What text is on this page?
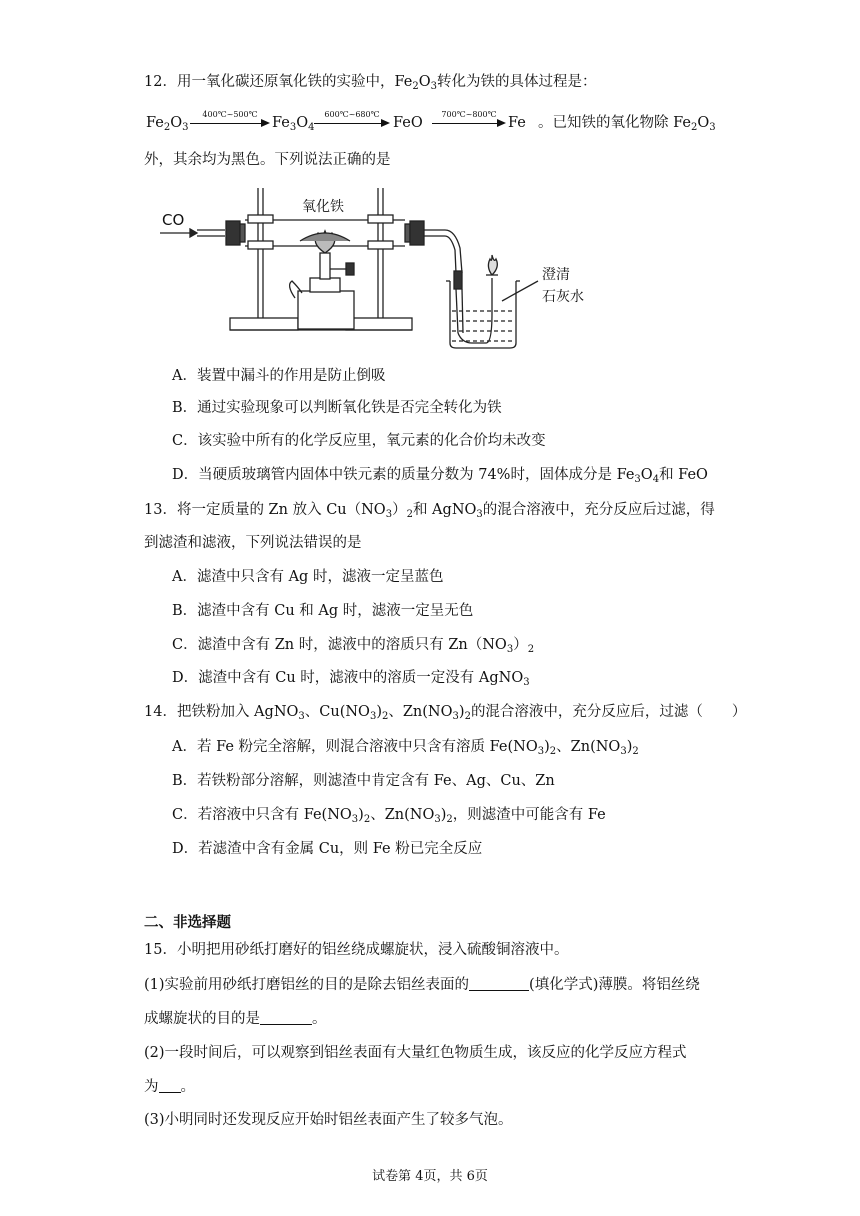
12．用一氧化碳还原氧化铁的实验中，$Fe_2O_3$转化为铁的具体过程是：
$Fe_2O_3$
400℃~500℃
$Fe_3O_4$
600℃~680℃
FeO
700℃~800℃
Fe 。已知铁的氧化物除 $Fe_2O_3$
外，其余均为黑色。下列说法正确的是
CO
氧化铁
澄清
石灰水
A．装置中漏斗的作用是防止倒吸
B．通过实验现象可以判断氧化铁是否完全转化为铁
C．该实验中所有的化学反应里，氧元素的化合价均未改变
D．当硬质玻璃管内固体中铁元素的质量分数为 74%时，固体成分是 $Fe_3O_4$和 FeO
13．将一定质量的 Zn 放入 $Cu(NO_3)_2$和 AgNO$_3$的混合溶液中，充分反应后过滤，得
到滤渣和滤液，下列说法错误的是
A．滤渣中只含有 Ag 时，滤液一定呈蓝色
B．滤渣中含有 Cu 和 Ag 时，滤液一定呈无色
C．滤渣中含有 Zn 时，滤液中的溶质只有 $Zn(NO_3)_2$
D．滤渣中含有 Cu 时，滤液中的溶质一定没有 AgNO$_3$
14．把铁粉加入 AgNO$_3$、$Cu(NO_3)_2$、$Zn(NO_3)_2$的混合溶液中，充分反应后，过滤（　　）
A．若 Fe 粉完全溶解，则混合溶液中只含有溶质 $Fe(NO_3)_2$、$Zn(NO_3)_2$
B．若铁粉部分溶解，则滤渣中肯定含有 Fe、Ag、Cu、Zn
C．若溶液中只含有 $Fe(NO_3)_2$、$Zn(NO_3)_2$，则滤渣中可能含有 Fe
D．若滤渣中含有金属 Cu，则 Fe 粉已完全反应
二、非选择题
15．小明把用砂纸打磨好的铝丝绕成螺旋状，浸入硫酸铜溶液中。
(1)实验前用砂纸打磨铝丝的目的是除去铝丝表面的	(填化学式)薄膜。将铝丝绕
成螺旋状的目的是	。
(2)一段时间后，可以观察到铝丝表面有大量红色物质生成，该反应的化学反应方程式
为 。
(3)小明同时还发现反应开始时铝丝表面产生了较多气泡。
试卷第 4页，共 6页
